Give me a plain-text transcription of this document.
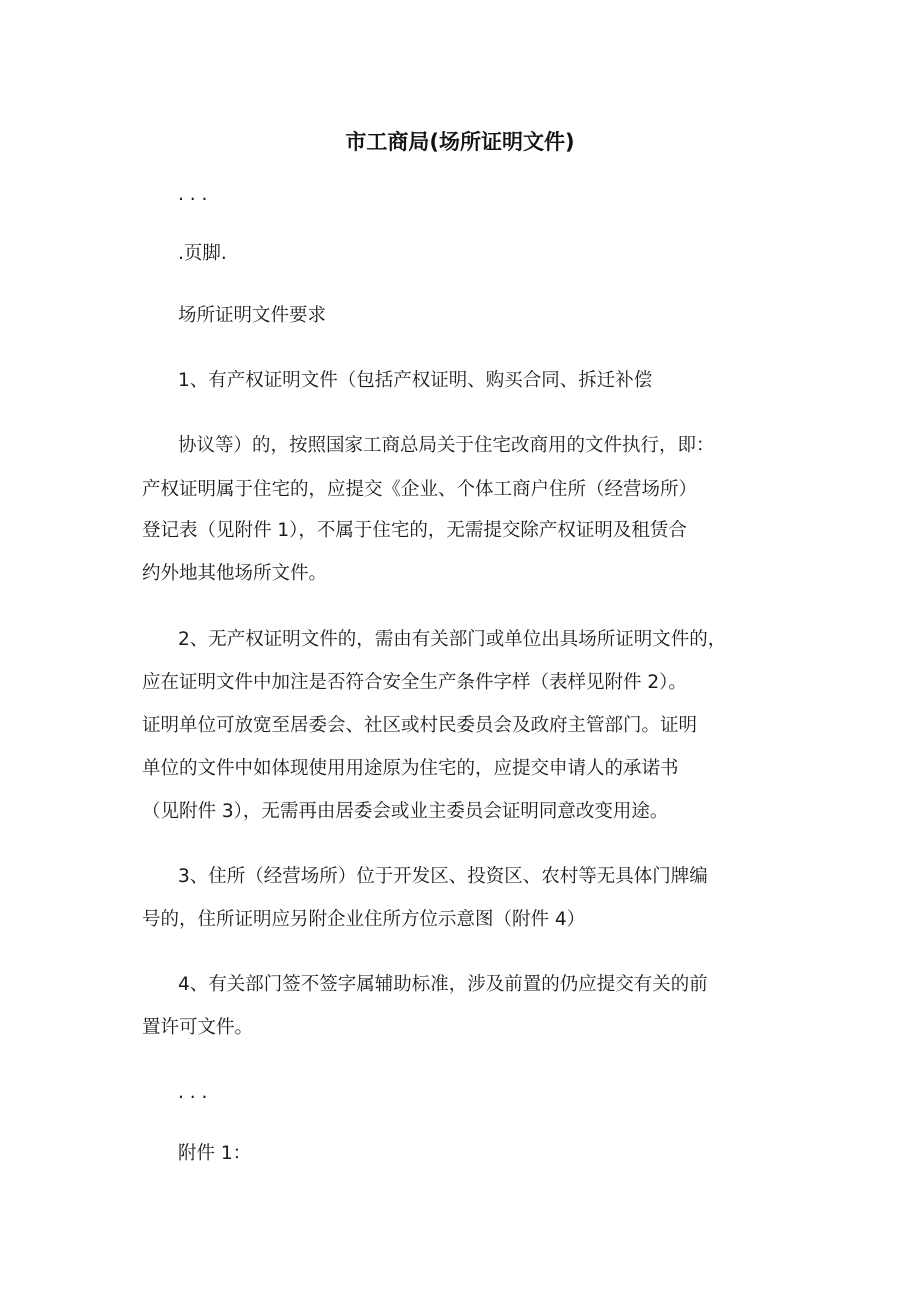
市工商局(场所证明文件)
. . .
.页脚.
场所证明文件要求
1、有产权证明文件（包括产权证明、购买合同、拆迁补偿
协议等）的，按照国家工商总局关于住宅改商用的文件执行，即：
产权证明属于住宅的，应提交《企业、个体工商户住所（经营场所）
登记表（见附件 1），不属于住宅的，无需提交除产权证明及租赁合
约外地其他场所文件。
2、无产权证明文件的，需由有关部门或单位出具场所证明文件的，
应在证明文件中加注是否符合安全生产条件字样（表样见附件 2）。
证明单位可放宽至居委会、社区或村民委员会及政府主管部门。证明
单位的文件中如体现使用用途原为住宅的，应提交申请人的承诺书
（见附件 3），无需再由居委会或业主委员会证明同意改变用途。
3、住所（经营场所）位于开发区、投资区、农村等无具体门牌编
号的，住所证明应另附企业住所方位示意图（附件 4）
4、有关部门签不签字属辅助标准，涉及前置的仍应提交有关的前
置许可文件。
. . .
附件 1：
